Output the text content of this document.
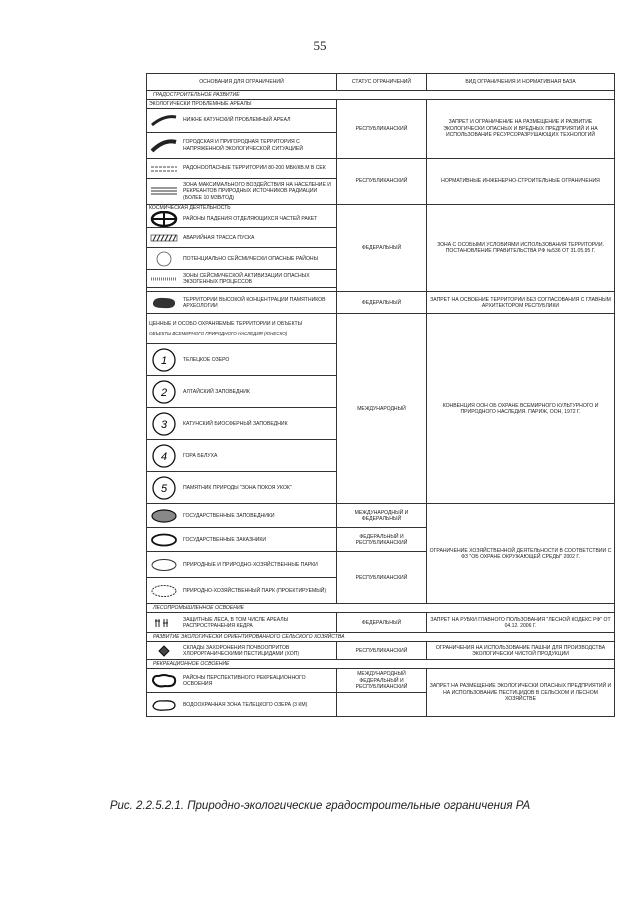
55
ОСНОВАНИЯ ДЛЯ ОГРАНИЧЕНИЙ	СТАТУС ОГРАНИЧЕНИЙ	ВИД ОГРАНИЧЕНИЯ И НОРМАТИВНАЯ БАЗА
ГРАДОСТРОИТЕЛЬНОЕ РАЗВИТИЕ		
ЭКОЛОГИЧЕСКИ ПРОБЛЕМНЫЕ АРЕАЛЫ	РЕСПУБЛИКАНСКИЙ	ЗАПРЕТ И ОГРАНИЧЕНИЕ НА РАЗМЕЩЕНИЕ И РАЗВИТИЕ ЭКОЛОГИЧЕСКИ ОПАСНЫХ И ВРЕДНЫХ ПРЕДПРИЯТИЙ И НА ИСПОЛЬЗОВАНИЕ РЕСУРСОРАЗРУШАЮЩИХ ТЕХНОЛОГИЙ

НИЖНЕ КАТУНСКИЙ ПРОБЛЕМНЫЙ АРЕАЛ		

ГОРОДСКАЯ И ПРИГОРОДНАЯ ТЕРРИТОРИЯ С НАПРЯЖЕННОЙ ЭКОЛОГИЧЕСКОЙ СИТУАЦИЕЙ		

РАДОНООПАСНЫЕ ТЕРРИТОРИИ 80-200 МБК/КВ.М В СЕК	РЕСПУБЛИКАНСКИЙ	НОРМАТИВНЫЕ ИНЖЕНЕРНО-СТРОИТЕЛЬНЫЕ ОГРАНИЧЕНИЯ

ЗОНА МАКСИМАЛЬНОГО ВОЗДЕЙСТВИЯ НА НАСЕЛЕНИЕ И РЕКРЕАНТОВ ПРИРОДНЫХ ИСТОЧНИКОВ РАДИАЦИИ (БОЛЕЕ 10 МЗВ/ГОД)		

КОСМИЧЕСКАЯ ДЕЯТЕЛЬНОСТЬ
РАЙОНЫ ПАДЕНИЯ ОТДЕЛЯЮЩИХСЯ ЧАСТЕЙ РАКЕТ	ФЕДЕРАЛЬНЫЙ	ЗОНА С ОСОБЫМИ УСЛОВИЯМИ ИСПОЛЬЗОВАНИЯ ТЕРРИТОРИИ. ПОСТАНОВЛЕНИЕ ПРАВИТЕЛЬСТВА РФ №536 ОТ 31.05.95 Г.

АВАРИЙНАЯ ТРАССА ПУСКА		

ПОТЕНЦИАЛЬНО СЕЙСМИЧЕСКИ ОПАСНЫЕ РАЙОНЫ		

ЗОНЫ СЕЙСМИЧЕСКОЙ АКТИВИЗАЦИИ ОПАСНЫХ ЭКЗОГЕННЫХ ПРОЦЕССОВ		

ТЕРРИТОРИИ ВЫСОКОЙ КОНЦЕНТРАЦИИ ПАМЯТНИКОВ АРХЕОЛОГИИ	ФЕДЕРАЛЬНЫЙ	ЗАПРЕТ НА ОСВОЕНИЕ ТЕРРИТОРИИ БЕЗ СОГЛАСОВАНИЯ С ГЛАВНЫМ АРХИТЕКТОРОМ РЕСПУБЛИКИ

ЦЕННЫЕ И ОСОБО ОХРАНЯЕМЫЕ ТЕРРИТОРИИ И ОБЪЕКТЫ
ОБЪЕКТЫ ВСЕМИРНОГО ПРИРОДНОГО НАСЛЕДИЯ (ЮНЕСКО)	МЕЖДУНАРОДНЫЙ	КОНВЕНЦИЯ ООН ОБ ОХРАНЕ ВСЕМИРНОГО КУЛЬТУРНОГО И ПРИРОДНОГО НАСЛЕДИЯ. ПАРИЖ, ООН, 1972 Г.

1 ТЕЛЕЦКОЕ ОЗЕРО		

2 АЛТАЙСКИЙ ЗАПОВЕДНИК		

3 КАТУНСКИЙ БИОСФЕРНЫЙ ЗАПОВЕДНИК		

4 ГОРА БЕЛУХА		

5 ПАМЯТНИК ПРИРОДЫ "ЗОНА ПОКОЯ УКОК"		

ГОСУДАРСТВЕННЫЕ ЗАПОВЕДНИКИ	МЕЖДУНАРОДНЫЙ И ФЕДЕРАЛЬНЫЙ	ОГРАНИЧЕНИЕ ХОЗЯЙСТВЕННОЙ ДЕЯТЕЛЬНОСТИ В СООТВЕТСТВИИ С ФЗ "ОБ ОХРАНЕ ОКРУЖАЮЩЕЙ СРЕДЫ" 2002 Г.

ГОСУДАРСТВЕННЫЕ ЗАКАЗНИКИ	ФЕДЕРАЛЬНЫЙ И РЕСПУБЛИКАНСКИЙ	

ПРИРОДНЫЕ И ПРИРОДНО-ХОЗЯЙСТВЕННЫЕ ПАРКИ	РЕСПУБЛИКАНСКИЙ	

ПРИРОДНО-ХОЗЯЙСТВЕННЫЙ ПАРК (ПРОЕКТИРУЕМЫЙ)		

ЛЕСОПРОМЫШЛЕННОЕ ОСВОЕНИЕ		

ЗАЩИТНЫЕ ЛЕСА, В ТОМ ЧИСЛЕ АРЕАЛЫ РАСПРОСТРАНЕНИЯ КЕДРА	ФЕДЕРАЛЬНЫЙ	ЗАПРЕТ НА РУБКИ ГЛАВНОГО ПОЛЬЗОВАНИЯ "ЛЕСНОЙ КОДЕКС РФ" ОТ 04.12. 2006 Г.
РАЗВИТИЕ ЭКОЛОГИЧЕСКИ ОРИЕНТИРОВАННОГО СЕЛЬСКОГО ХОЗЯЙСТВА		

СКЛАДЫ ЗАХОРОНЕНИЯ ПОЧВООПРИТОВ ХЛОРОРГАНИЧЕСКИМИ ПЕСТИЦИДАМИ (ХОП)	РЕСПУБЛИКАНСКИЙ	ОГРАНИЧЕНИЯ НА ИСПОЛЬЗОВАНИЕ ПАШНИ ДЛЯ ПРОИЗВОДСТВА ЭКОЛОГИЧЕСКИ ЧИСТОЙ ПРОДУКЦИИ
РЕКРЕАЦИОННОЕ ОСВОЕНИЕ		

РАЙОНЫ ПЕРСПЕКТИВНОГО РЕКРЕАЦИОННОГО ОСВОЕНИЯ	МЕЖДУНАРОДНЫЙ ФЕДЕРАЛЬНЫЙ И РЕСПУБЛИКАНСКИЙ	ЗАПРЕТ НА РАЗМЕЩЕНИЕ ЭКОЛОГИЧЕСКИ ОПАСНЫХ ПРЕДПРИЯТИЙ И НА ИСПОЛЬЗОВАНИЕ ПЕСТИЦИДОВ В СЕЛЬСКОМ И ЛЕСНОМ ХОЗЯЙСТВЕ

ВОДООХРАННАЯ ЗОНА ТЕЛЕЦКОГО ОЗЕРА (3 КМ)		

Рис. 2.2.5.2.1. Природно-экологические градостроительные ограничения РА
